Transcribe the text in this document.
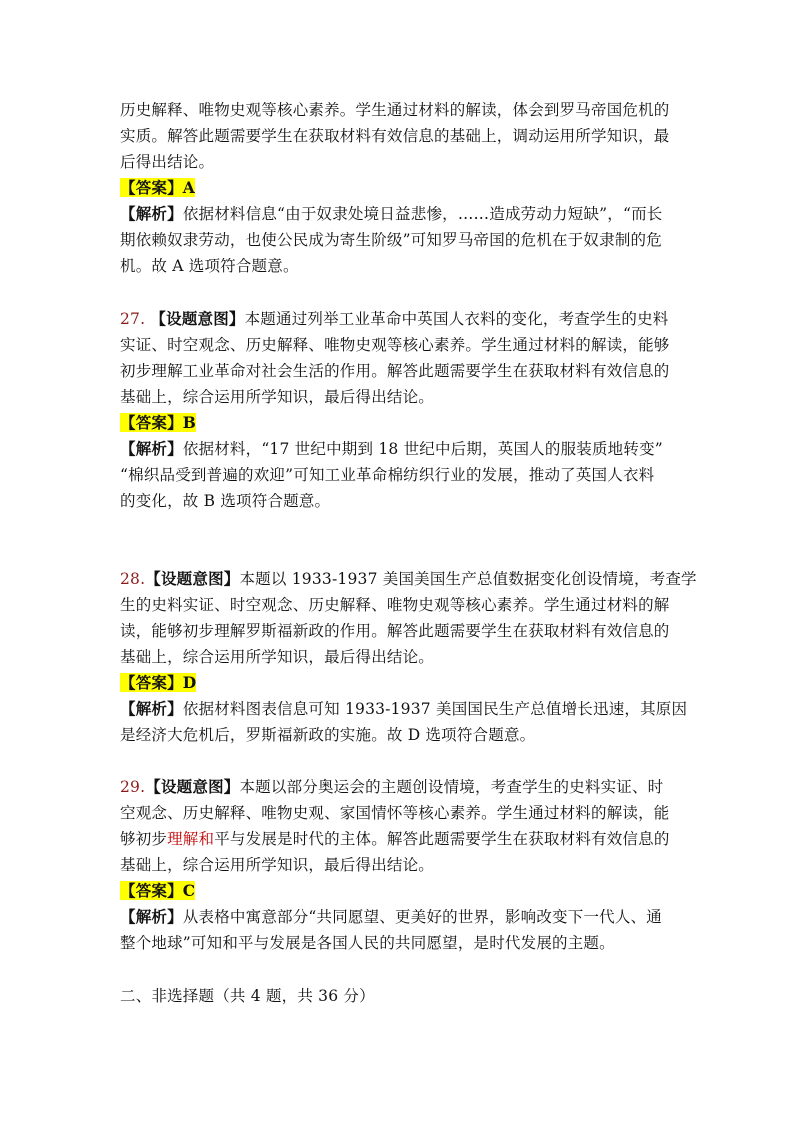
历史解释、唯物史观等核心素养。学生通过材料的解读，体会到罗马帝国危机的
实质。解答此题需要学生在获取材料有效信息的基础上，调动运用所学知识，最
后得出结论。
【答案】A
【解析】依据材料信息“由于奴隶处境日益悲惨，……造成劳动力短缺”，“而长
期依赖奴隶劳动，也使公民成为寄生阶级”可知罗马帝国的危机在于奴隶制的危
机。故 A 选项符合题意。
27. 【设题意图】本题通过列举工业革命中英国人衣料的变化，考查学生的史料
实证、时空观念、历史解释、唯物史观等核心素养。学生通过材料的解读，能够
初步理解工业革命对社会生活的作用。解答此题需要学生在获取材料有效信息的
基础上，综合运用所学知识，最后得出结论。
【答案】B
【解析】依据材料，“17 世纪中期到 18 世纪中后期，英国人的服装质地转变”
“棉织品受到普遍的欢迎”可知工业革命棉纺织行业的发展，推动了英国人衣料
的变化，故 B 选项符合题意。
28.【设题意图】本题以 1933-1937 美国美国生产总值数据变化创设情境，考查学
生的史料实证、时空观念、历史解释、唯物史观等核心素养。学生通过材料的解
读，能够初步理解罗斯福新政的作用。解答此题需要学生在获取材料有效信息的
基础上，综合运用所学知识，最后得出结论。
【答案】D
【解析】依据材料图表信息可知 1933-1937 美国国民生产总值增长迅速，其原因
是经济大危机后，罗斯福新政的实施。故 D 选项符合题意。
29.【设题意图】本题以部分奥运会的主题创设情境，考查学生的史料实证、时
空观念、历史解释、唯物史观、家国情怀等核心素养。学生通过材料的解读，能
够初步理解和平与发展是时代的主体。解答此题需要学生在获取材料有效信息的
基础上，综合运用所学知识，最后得出结论。
【答案】C
【解析】从表格中寓意部分“共同愿望、更美好的世界，影响改变下一代人、通
整个地球”可知和平与发展是各国人民的共同愿望，是时代发展的主题。
二、非选择题（共 4 题，共 36 分）
